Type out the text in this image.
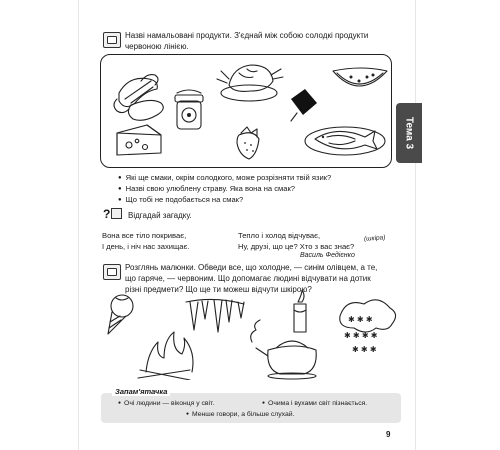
Тема 3
Назві намальовані продукти. З'єднай між собою солодкі продукти червоною лінією.
● Які ще смаки, окрім солодкого, може розрізняти твій язик?
● Назві свою улюблену страву. Яка вона на смак?
● Що тобі не подобається на смак?
?	Відгадай загадку.
Вона все тіло покриває,
І день, і ніч нас захищає.
Тепло і холод відчуває,
Ну, друзі, що це? Хто з вас знає?
(шкіра)
Василь Федієнко
Розглянь малюнки. Обведи все, що холодне, — синім олівцем, а те, що гаряче, — червоним. Що допомагає людині відчувати на дотик різні предмети? Що ще ти можеш відчути шкірою?
✱ ✱ ✱
✱ ✱ ✱ ✱
✱ ✱ ✱
Запам'ятачка
● Очі людини — віконця у світ.
●	Очима і вухами світ пізнається.
● Менше говори, а більше слухай.
9
